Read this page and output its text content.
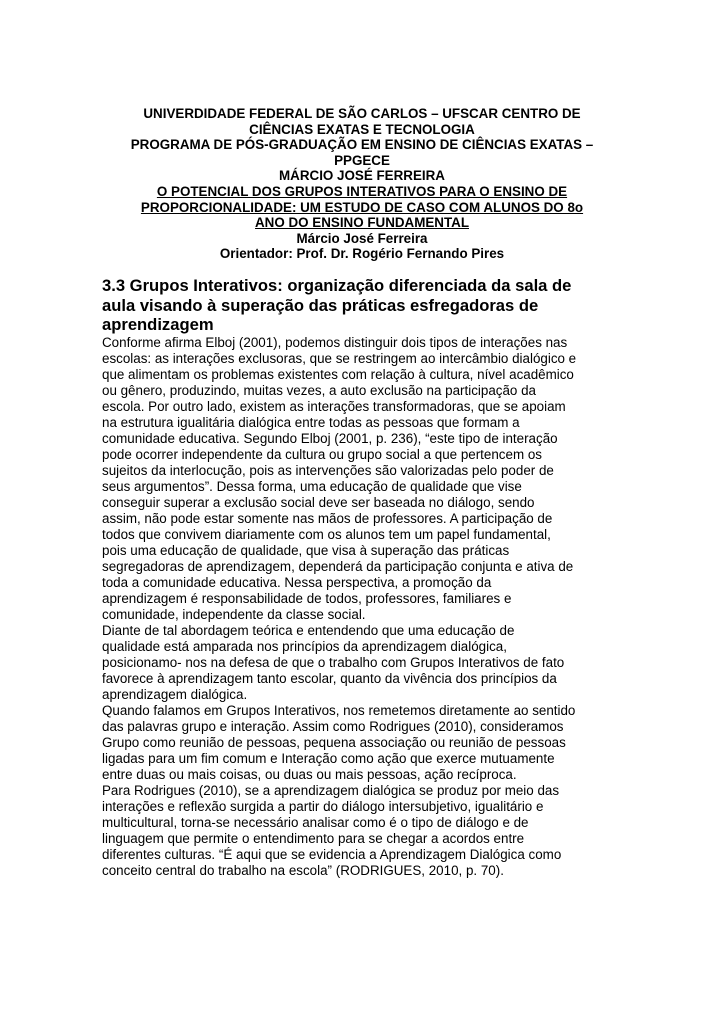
UNIVERDIDADE FEDERAL DE SÃO CARLOS – UFSCAR CENTRO DE
CIÊNCIAS EXATAS E TECNOLOGIA
PROGRAMA DE PÓS-GRADUAÇÃO EM ENSINO DE CIÊNCIAS EXATAS –
PPGECE
MÁRCIO JOSÉ FERREIRA
O POTENCIAL DOS GRUPOS INTERATIVOS PARA O ENSINO DE
PROPORCIONALIDADE: UM ESTUDO DE CASO COM ALUNOS DO 8o
ANO DO ENSINO FUNDAMENTAL
Márcio José Ferreira
Orientador: Prof. Dr. Rogério Fernando Pires
3.3 Grupos Interativos: organização diferenciada da sala de
aula visando à superação das práticas esfregadoras de
aprendizagem

Conforme afirma Elboj (2001), podemos distinguir dois tipos de interações nas
escolas: as interações exclusoras, que se restringem ao intercâmbio dialógico e
que alimentam os problemas existentes com relação à cultura, nível acadêmico
ou gênero, produzindo, muitas vezes, a auto exclusão na participação da
escola. Por outro lado, existem as interações transformadoras, que se apoiam
na estrutura igualitária dialógica entre todas as pessoas que formam a
comunidade educativa. Segundo Elboj (2001, p. 236), “este tipo de interação
pode ocorrer independente da cultura ou grupo social a que pertencem os
sujeitos da interlocução, pois as intervenções são valorizadas pelo poder de
seus argumentos”. Dessa forma, uma educação de qualidade que vise
conseguir superar a exclusão social deve ser baseada no diálogo, sendo
assim, não pode estar somente nas mãos de professores. A participação de
todos que convivem diariamente com os alunos tem um papel fundamental,
pois uma educação de qualidade, que visa à superação das práticas
segregadoras de aprendizagem, dependerá da participação conjunta e ativa de
toda a comunidade educativa. Nessa perspectiva, a promoção da
aprendizagem é responsabilidade de todos, professores, familiares e
comunidade, independente da classe social.

Diante de tal abordagem teórica e entendendo que uma educação de
qualidade está amparada nos princípios da aprendizagem dialógica,
posicionamo- nos na defesa de que o trabalho com Grupos Interativos de fato
favorece à aprendizagem tanto escolar, quanto da vivência dos princípios da
aprendizagem dialógica.

Quando falamos em Grupos Interativos, nos remetemos diretamente ao sentido
das palavras grupo e interação. Assim como Rodrigues (2010), consideramos
Grupo como reunião de pessoas, pequena associação ou reunião de pessoas
ligadas para um fim comum e Interação como ação que exerce mutuamente
entre duas ou mais coisas, ou duas ou mais pessoas, ação recíproca.

Para Rodrigues (2010), se a aprendizagem dialógica se produz por meio das
interações e reflexão surgida a partir do diálogo intersubjetivo, igualitário e
multicultural, torna-se necessário analisar como é o tipo de diálogo e de
linguagem que permite o entendimento para se chegar a acordos entre
diferentes culturas. “É aqui que se evidencia a Aprendizagem Dialógica como
conceito central do trabalho na escola” (RODRIGUES, 2010, p. 70).
